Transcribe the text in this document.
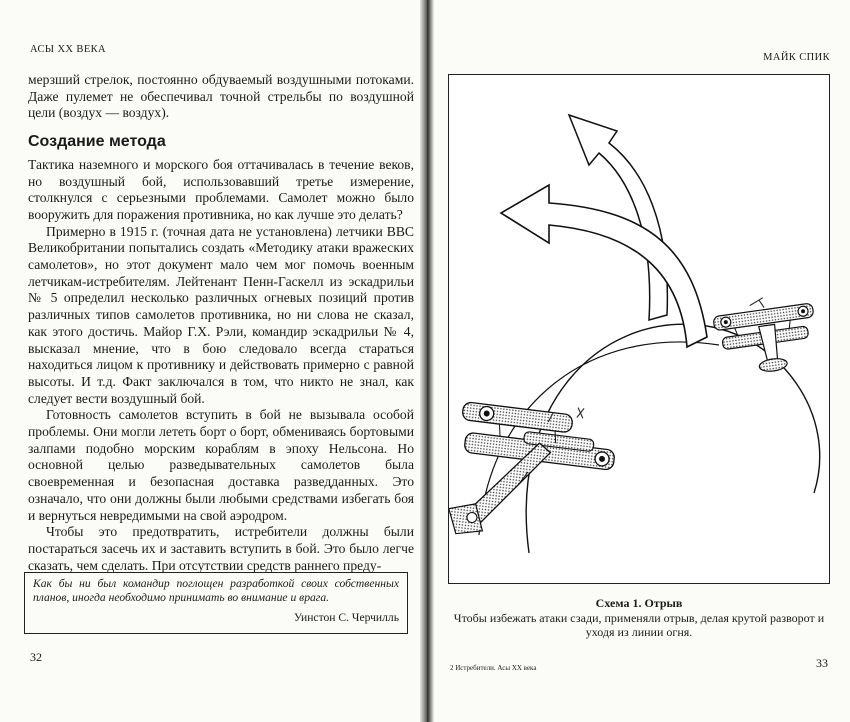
АСЫ XX ВЕКА

мерзший стрелок, постоянно обдуваемый воздушными потоками. Даже пулемет не обеспечивал точной стрельбы по воздушной цели (воздух — воздух).

Создание метода

Тактика наземного и морского боя оттачивалась в течение веков, но воздушный бой, использовавший третье измерение, столкнулся с серьезными проблемами. Самолет можно было вооружить для поражения противника, но как лучше это делать?

Примерно в 1915 г. (точная дата не установлена) летчики ВВС Великобритании попытались создать «Методику атаки вражеских самолетов», но этот документ мало чем мог помочь военным летчикам-истребителям. Лейтенант Пенн-Гаскелл из эскадрильи № 5 определил несколько различных огневых позиций против различных типов самолетов противника, но ни слова не сказал, как этого достичь. Майор Г.Х. Рэли, командир эскадрильи № 4, высказал мнение, что в бою следовало всегда стараться находиться лицом к противнику и действовать примерно с равной высоты. И т.д. Факт заключался в том, что никто не знал, как следует вести воздушный бой.

Готовность самолетов вступить в бой не вызывала особой проблемы. Они могли лететь борт о борт, обмениваясь бортовыми залпами подобно морским кораблям в эпоху Нельсона. Но основной целью разведывательных самолетов была своевременная и безопасная доставка разведданных. Это означало, что они должны были любыми средствами избегать боя и вернуться невредимыми на свой аэродром.

Чтобы это предотвратить, истребители должны были постараться засечь их и заставить вступить в бой. Это было легче сказать, чем сделать. При отсутствии средств раннего преду-

Как бы ни был командир поглощен разработкой своих собственных планов, иногда необходимо принимать во внимание и врага.
Уинстон С. Черчилль
32
МАЙК СПИК
Схема 1. Отрыв
Чтобы избежать атаки сзади, применяли отрыв, делая крутой разворот и уходя из линии огня.
2 Истребители. Асы XX века	33
